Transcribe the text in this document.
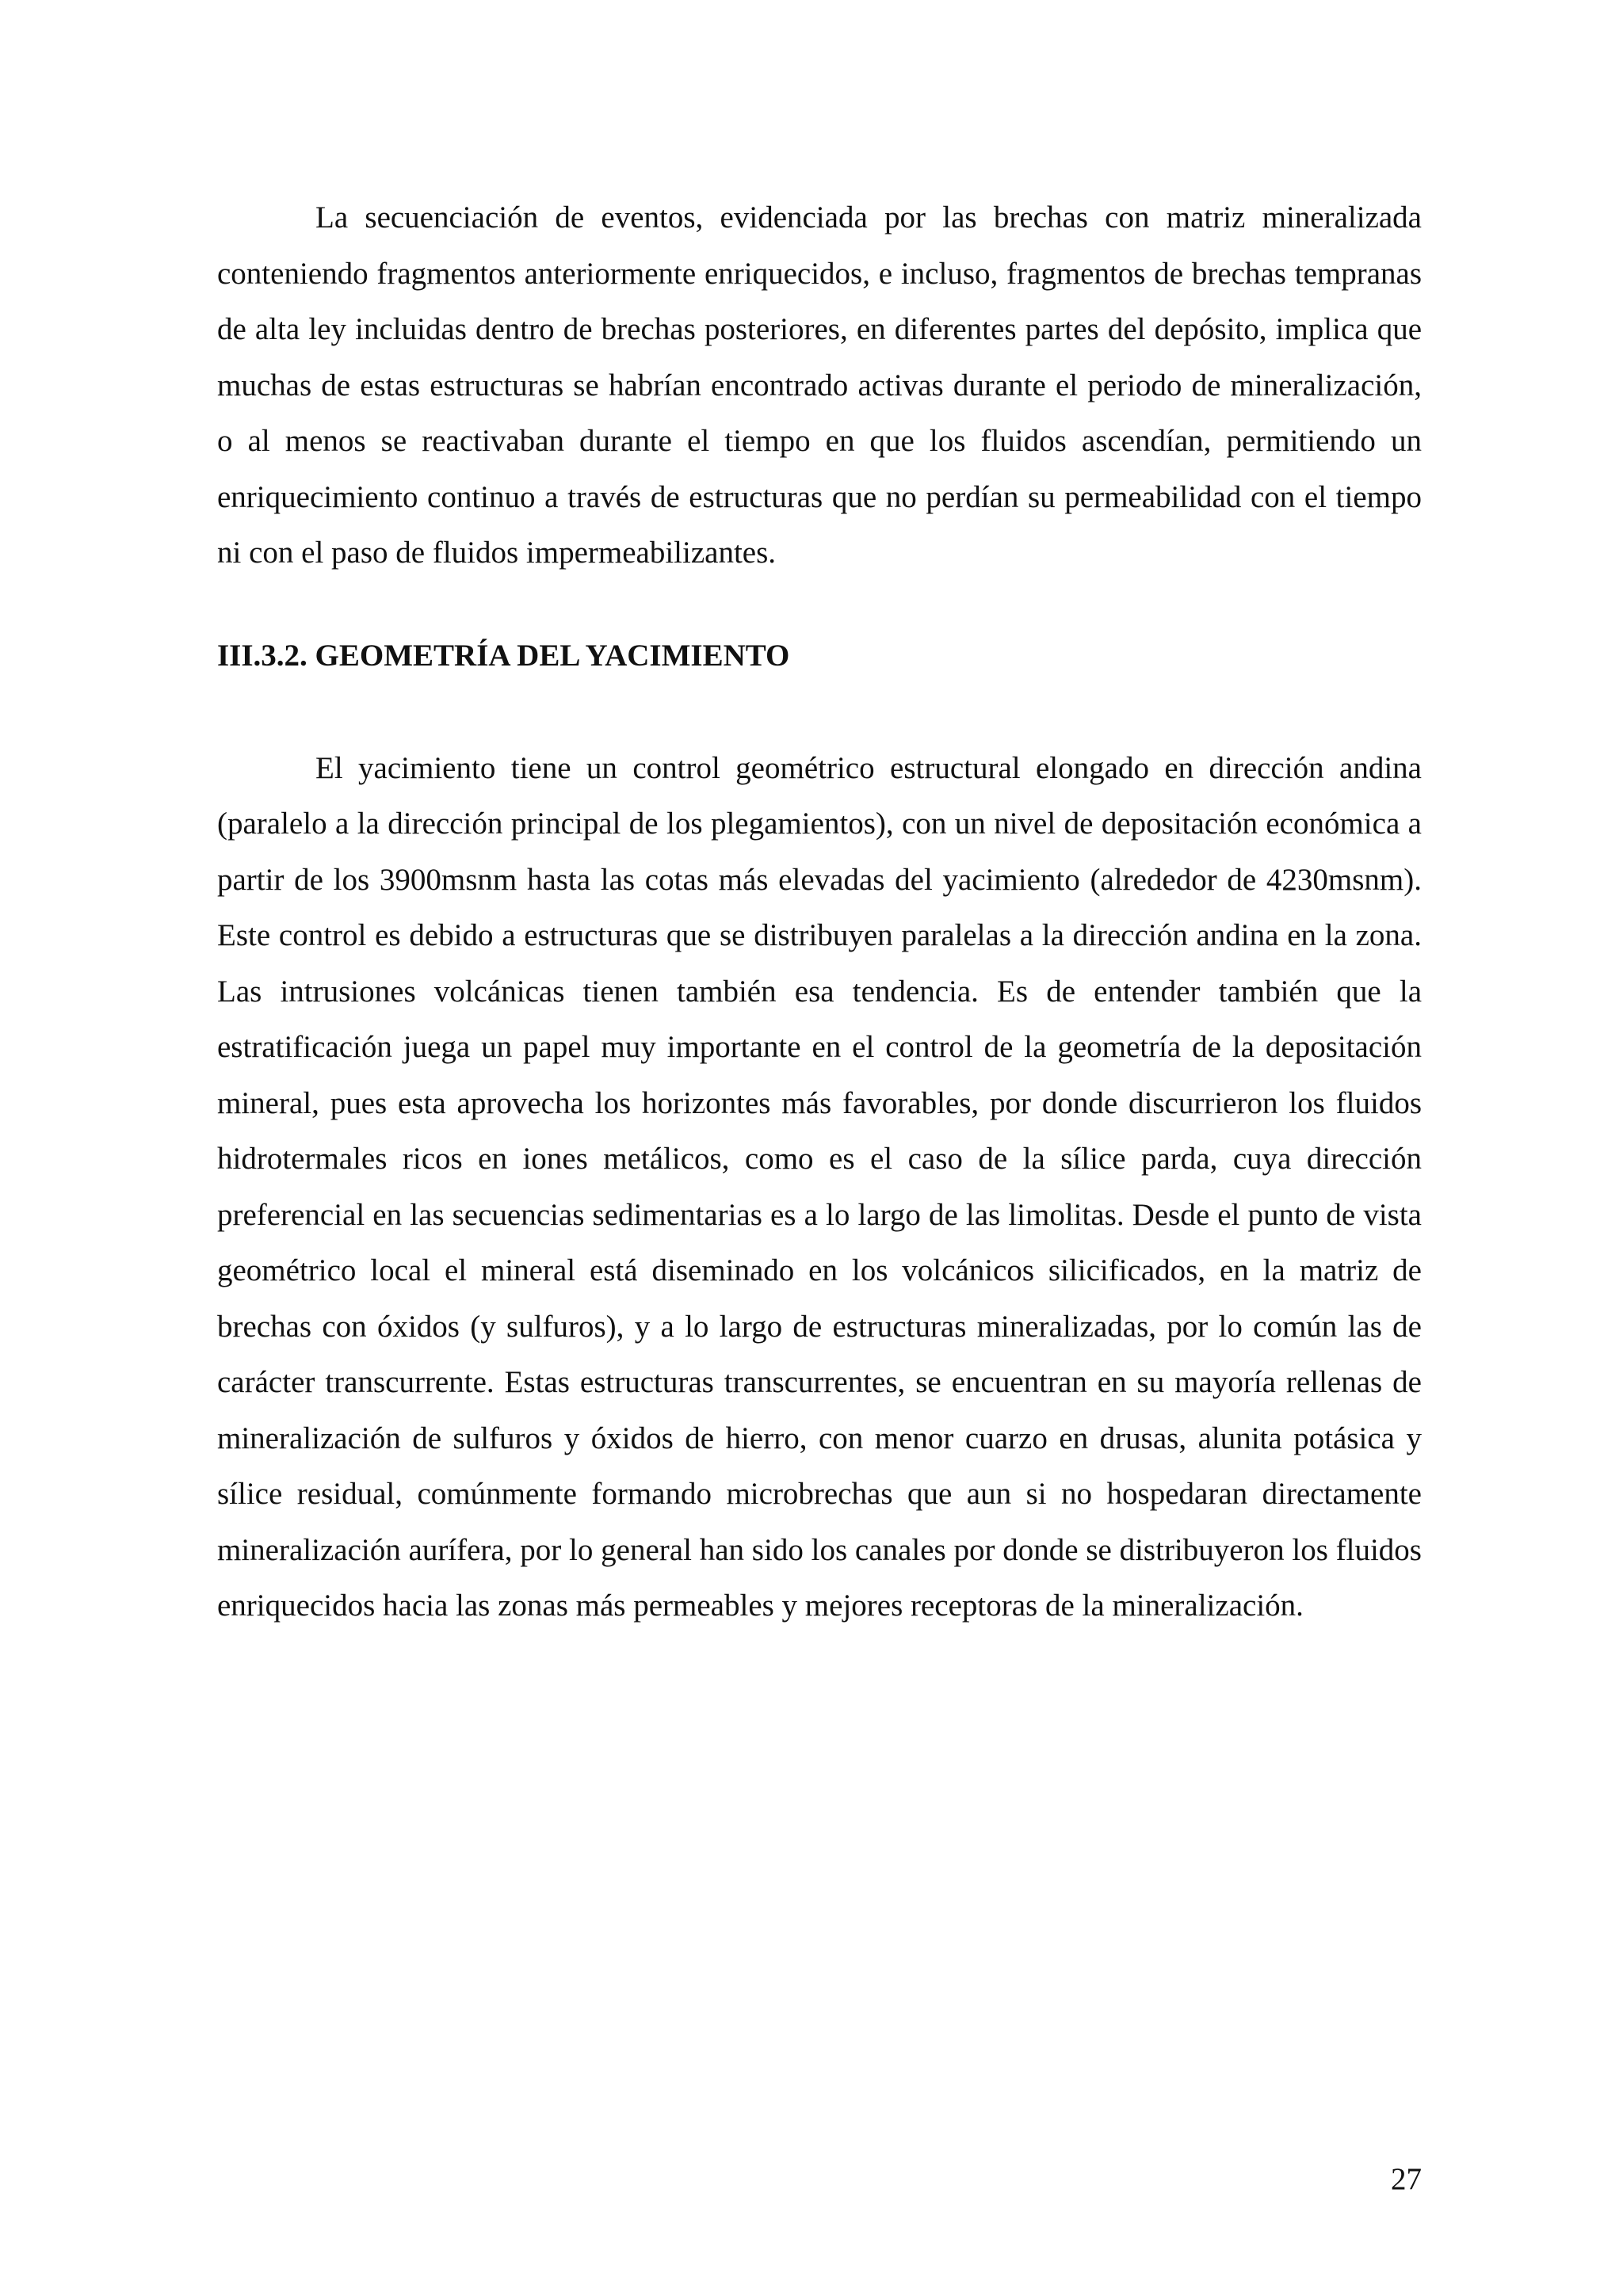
La secuenciación de eventos, evidenciada por las brechas con matriz mineralizada conteniendo fragmentos anteriormente enriquecidos, e incluso, fragmentos de brechas tempranas de alta ley incluidas dentro de brechas posteriores, en diferentes partes del depósito, implica que muchas de estas estructuras se habrían encontrado activas durante el periodo de mineralización, o al menos se reactivaban durante el tiempo en que los fluidos ascendían, permitiendo un enriquecimiento continuo a través de estructuras que no perdían su permeabilidad con el tiempo ni con el paso de fluidos impermeabilizantes.

III.3.2. GEOMETRÍA DEL YACIMIENTO

El yacimiento tiene un control geométrico estructural elongado en dirección andina (paralelo a la dirección principal de los plegamientos), con un nivel de depositación económica a partir de los 3900msnm hasta las cotas más elevadas del yacimiento (alrededor de 4230msnm). Este control es debido a estructuras que se distribuyen paralelas a la dirección andina en la zona. Las intrusiones volcánicas tienen también esa tendencia. Es de entender también que la estratificación juega un papel muy importante en el control de la geometría de la depositación mineral, pues esta aprovecha los horizontes más favorables, por donde discurrieron los fluidos hidrotermales ricos en iones metálicos, como es el caso de la sílice parda, cuya dirección preferencial en las secuencias sedimentarias es a lo largo de las limolitas. Desde el punto de vista geométrico local el mineral está diseminado en los volcánicos silicificados, en la matriz de brechas con óxidos (y sulfuros), y a lo largo de estructuras mineralizadas, por lo común las de carácter transcurrente. Estas estructuras transcurrentes, se encuentran en su mayoría rellenas de mineralización de sulfuros y óxidos de hierro, con menor cuarzo en drusas, alunita potásica y sílice residual, comúnmente formando microbrechas que aun si no hospedaran directamente mineralización aurífera, por lo general han sido los canales por donde se distribuyeron los fluidos enriquecidos hacia las zonas más permeables y mejores receptoras de la mineralización.

27
